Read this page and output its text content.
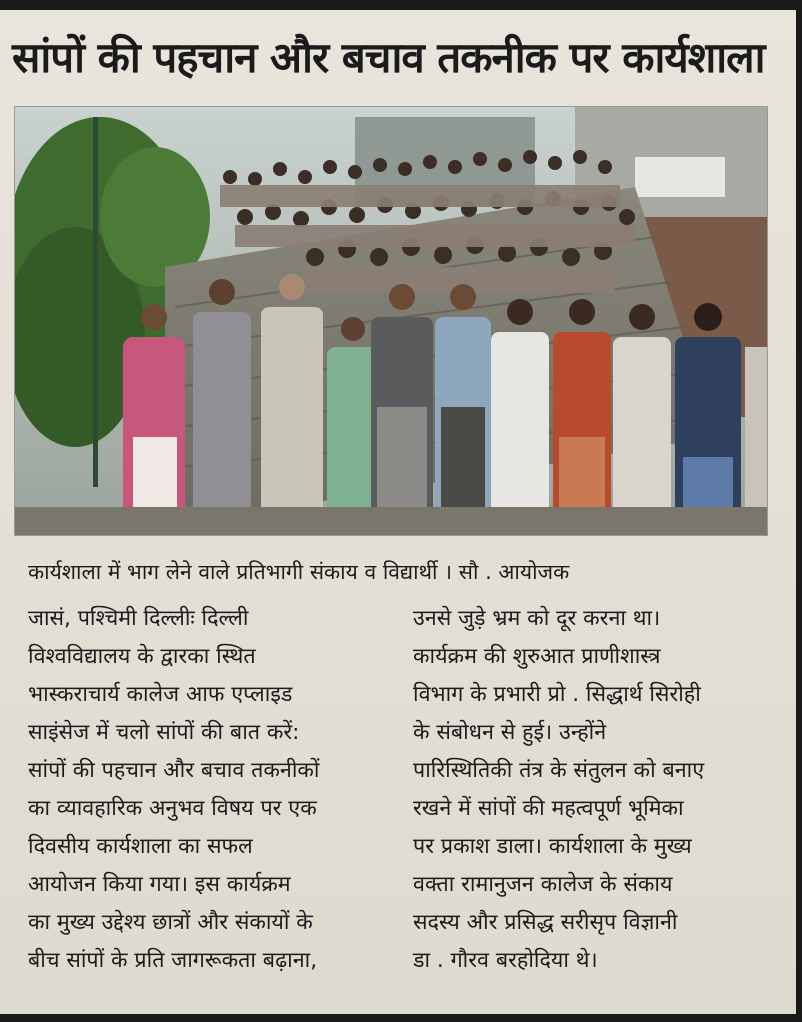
सांपों की पहचान और बचाव तकनीक पर कार्यशाला
कार्यशाला में भाग लेने वाले प्रतिभागी संकाय व विद्यार्थी । सौ . आयोजक
जासं, पश्चिमी दिल्लीः दिल्ली
विश्वविद्यालय के द्वारका स्थित
भास्कराचार्य कालेज आफ एप्लाइड
साइंसेज में चलो सांपों की बात करें:
सांपों की पहचान और बचाव तकनीकों
का व्यावहारिक अनुभव विषय पर एक
दिवसीय कार्यशाला का सफल
आयोजन किया गया। इस कार्यक्रम
का मुख्य उद्देश्य छात्रों और संकायों के
बीच सांपों के प्रति जागरूकता बढ़ाना,
उनसे जुड़े भ्रम को दूर करना था।
कार्यक्रम की शुरुआत प्राणीशास्त्र
विभाग के प्रभारी प्रो . सिद्धार्थ सिरोही
के संबोधन से हुई। उन्होंने
पारिस्थितिकी तंत्र के संतुलन को बनाए
रखने में सांपों की महत्वपूर्ण भूमिका
पर प्रकाश डाला। कार्यशाला के मुख्य
वक्ता रामानुजन कालेज के संकाय
सदस्य और प्रसिद्ध सरीसृप विज्ञानी
डा . गौरव बरहोदिया थे।
